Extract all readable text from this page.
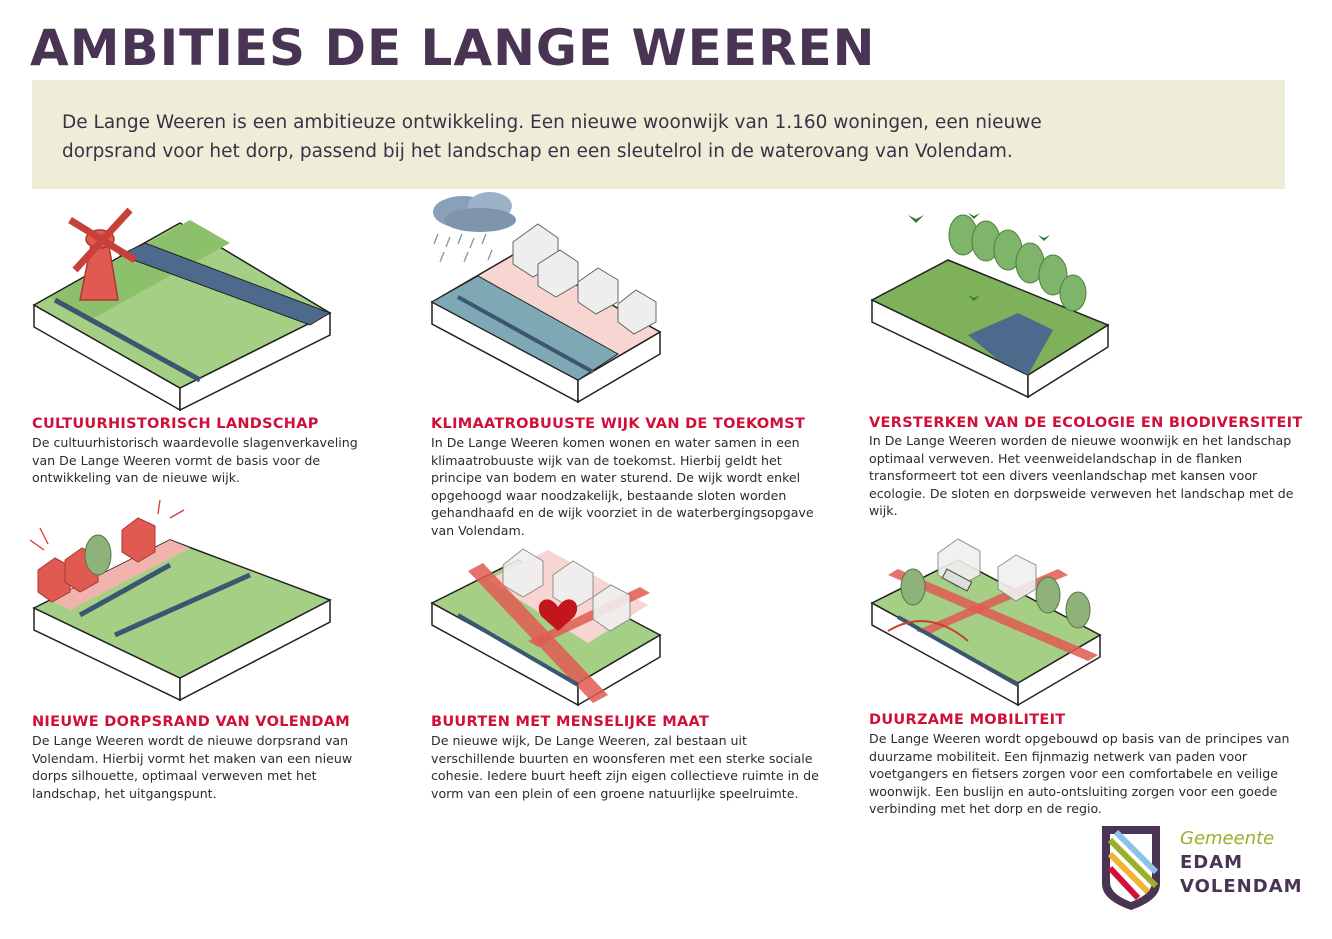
AMBITIES DE LANGE WEEREN

De Lange Weeren is een ambitieuze ontwikkeling. Een nieuwe woonwijk van 1.160 woningen, een nieuwe dorpsrand voor het dorp, passend bij het landschap en een sleutelrol in de waterovang van Volendam.

CULTUURHISTORISCH LANDSCHAP

De cultuurhistorisch waardevolle slagenverkaveling van De Lange Weeren vormt de basis voor de ontwikkeling van de nieuwe wijk.

KLIMAATROBUUSTE WIJK VAN DE TOEKOMST

In De Lange Weeren komen wonen en water samen in een klimaatrobuuste wijk van de toekomst. Hierbij geldt het principe van bodem en water sturend. De wijk wordt enkel opgehoogd waar noodzakelijk, bestaande sloten worden gehandhaafd en de wijk voorziet in de waterbergingsopgave van Volendam.

VERSTERKEN VAN DE ECOLOGIE EN BIODIVERSITEIT

In De Lange Weeren worden de nieuwe woonwijk en het landschap optimaal verweven. Het veenweidelandschap in de flanken transformeert tot een divers veenlandschap met kansen voor ecologie. De sloten en dorpsweide verweven het landschap met de wijk.

NIEUWE DORPSRAND VAN VOLENDAM

De Lange Weeren wordt de nieuwe dorpsrand van Volendam. Hierbij vormt het maken van een nieuw dorps silhouette, optimaal verweven met het landschap, het uitgangspunt.

BUURTEN MET MENSELIJKE MAAT

De nieuwe wijk, De Lange Weeren, zal bestaan uit verschillende buurten en woonsferen met een sterke sociale cohesie. Iedere buurt heeft zijn eigen collectieve ruimte in de vorm van een plein of een groene natuurlijke speelruimte.

DUURZAME MOBILITEIT

De Lange Weeren wordt opgebouwd op basis van de principes van duurzame mobiliteit. Een fijnmazig netwerk van paden voor voetgangers en fietsers zorgen voor een comfortabele en veilige woonwijk. Een buslijn en auto-ontsluiting zorgen voor een goede verbinding met het dorp en de regio.

Gemeente
EDAM
VOLENDAM
